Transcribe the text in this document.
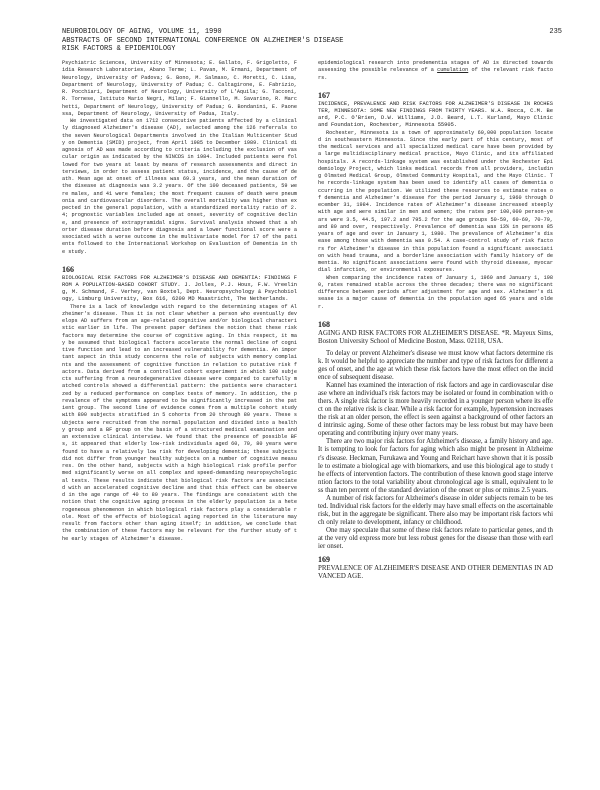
NEUROBIOLOGY OF AGING, VOLUME 11, 1990
ABSTRACTS OF SECOND INTERNATIONAL CONFERENCE ON ALZHEIMER'S DISEASE
RISK FACTORS & EPIDEMIOLOGY
235

Psychiatric Sciences, University of Minnesota; E. Gallato, F. Grigoletto, Fidia Research Laboratories, Abano Terme; L. Pavan, M. Ermani, Department of Neurology, University of Padova; G. Bono, M. Salmaso, C. Moretti, C. Lisa, Department of Neurology, University of Padua; C. Caltagirone, E. Fabrizio, R. Pocchiari, Department of Neurology, University of L'Aquila; G. Tacconi, R. Tornese, Istituto Mario Negri, Milan; F. Giannello, M. Savarino, R. Marchetti, Department of Neurology, University of Padua; G. Bondanini, E. Paonessa, Department of Neurology, University of Padua, Italy.

We investigated data on 1712 consecutive patients affected by a clinically diagnosed Alzheimer's disease (AD), selected among the 126 referrals to the seven Neurological Departments involved in the Italian Multicenter Study on Dementia (SMID) project, from April 1985 to December 1989. Clinical diagnosis of AD was made according to criteria including the exclusion of vascular origin as indicated by the NINCDS in 1984. Included patients were followed for two years at least by means of research assessments and direct interviews, in order to assess patient status, incidence, and the cause of death. Mean age at onset of illness was 69.3 years, and the mean duration of the disease at diagnosis was 3.2 years. Of the 100 deceased patients, 59 were males, and 41 were females; the most frequent causes of death were pneumonia and cardiovascular disorders. The overall mortality was higher than expected in the general population, with a standardized mortality ratio of 2.4; prognostic variables included age at onset, severity of cognitive decline, and presence of extrapyramidal signs. Survival analysis showed that a shorter disease duration before diagnosis and a lower functional score were associated with a worse outcome in the multivariate model for 17 of the patients followed to the International Workshop on Evaluation of Dementia in the study.

166

BIOLOGICAL RISK FACTORS FOR ALZHEIMER'S DISEASE AND DEMENTIA: FINDINGS FROM A POPULATION-BASED COHORT STUDY. J. Jolles, P.J. Houx, F.W. Vreeling, M. Schmand, F. Verhey, van Boxtel, Dept. Neuropsychology & Psychobiology, Limburg University, Box 616, 6200 MD Maastricht, The Netherlands.

There is a lack of knowledge with regard to the determining stages of Alzheimer's disease. Thus it is not clear whether a person who eventually develops AD suffers from an age-related cognitive and/or biological characteristic earlier in life. The present paper defines the notion that these risk factors may determine the course of cognitive aging. In this respect, it may be assumed that biological factors accelerate the normal decline of cognitive function and lead to an increased vulnerability for dementia. An important aspect in this study concerns the role of subjects with memory complaints and the assessment of cognitive function in relation to putative risk factors. Data derived from a controlled cohort experiment in which 100 subjects suffering from a neurodegenerative disease were compared to carefully matched controls showed a differential pattern: the patients were characterized by a reduced performance on complex tests of memory. In addition, the prevalence of the symptoms appeared to be significantly increased in the patient group. The second line of evidence comes from a multiple cohort study with 800 subjects stratified in 5 cohorts from 20 through 80 years. These subjects were recruited from the normal population and divided into a healthy group and a BF group on the basis of a structured medical examination and an extensive clinical interview. We found that the presence of possible BFs, it appeared that elderly low-risk individuals aged 60, 70, 80 years were found to have a relatively low risk for developing dementia; these subjects did not differ from younger healthy subjects on a number of cognitive measures. On the other hand, subjects with a high biological risk profile performed significantly worse on all complex and speed-demanding neuropsychological tests. These results indicate that biological risk factors are associated with an accelerated cognitive decline and that this effect can be observed in the age range of 40 to 80 years. The findings are consistent with the notion that the cognitive aging process in the elderly population is a heterogeneous phenomenon in which biological risk factors play a considerable role. Most of the effects of biological aging reported in the literature may result from factors other than aging itself; in addition, we conclude that the combination of these factors may be relevant for the further study of the early stages of Alzheimer's disease.

epidemiological research into predementia stages of AD is directed towards assessing the possible relevance of a cumulation of the relevant risk factors.

167

INCIDENCE, PREVALENCE AND RISK FACTORS FOR ALZHEIMER'S DISEASE IN ROCHESTER, MINNESOTA: SOME NEW FINDINGS FROM THIRTY YEARS. W.A. Rocca, C.M. Beard, P.C. O'Brien, D.W. Williams, J.D. Beard, L.T. Kurland, Mayo Clinic and Foundation, Rochester, Minnesota 55905.

Rochester, Minnesota is a town of approximately 60,000 population located in southeastern Minnesota. Since the early part of this century, most of the medical services and all specialized medical care have been provided by a large multidisciplinary medical practice, Mayo Clinic, and its affiliated hospitals. A records-linkage system was established under the Rochester Epidemiology Project, which links medical records from all providers, including Olmsted Medical Group, Olmsted Community Hospital, and the Mayo Clinic. The records-linkage system has been used to identify all cases of dementia occurring in the population. We utilized these resources to estimate rates of dementia and Alzheimer's disease for the period January 1, 1960 through December 31, 1984. Incidence rates of Alzheimer's disease increased steeply with age and were similar in men and women; the rates per 100,000 person-years were 3.5, 44.5, 197.2 and 795.2 for the age groups 50-59, 60-69, 70-79, and 80 and over, respectively. Prevalence of dementia was 13% in persons 85 years of age and over in January 1, 1980. The prevalence of Alzheimer's disease among those with dementia was 0.54. A case-control study of risk factors for Alzheimer's disease in this population found a significant association with head trauma, and a borderline association with family history of dementia. No significant associations were found with thyroid disease, myocardial infarction, or environmental exposures.

When comparing the incidence rates of January 1, 1960 and January 1, 1980, rates remained stable across the three decades; there was no significant difference between periods after adjustment for age and sex. Alzheimer's disease is a major cause of dementia in the population aged 65 years and older.

168

AGING AND RISK FACTORS FOR ALZHEIMER'S DISEASE. *R. Mayeux Sims, Boston University School of Medicine Boston, Mass. 02118, USA.

To delay or prevent Alzheimer's disease we must know what factors determine risk. It would be helpful to appreciate the number and type of risk factors for different ages of onset, and the age at which these risk factors have the most effect on the incidence of subsequent disease.

Kannel has examined the interaction of risk factors and age in cardiovascular disease where an individual's risk factors may be isolated or found in combination with others. A single risk factor is more heavily recorded in a younger person where its effect on the relative risk is clear. While a risk factor for example, hypertension increases the risk at an older person, the effect is seen against a background of other factors and intrinsic aging. Some of these other factors may be less robust but may have been operating and contributing injury over many years.

There are two major risk factors for Alzheimer's disease, a family history and age. It is tempting to look for factors for aging which also might be present in Alzheimer's disease. Heckman, Furukawa and Young and Reichart have shown that it is possible to estimate a biological age with biomarkers, and use this biological age to study the effects of intervention factors. The contribution of these known good stage intervention factors to the total variability about chronological age is small, equivalent to less than ten percent of the standard deviation of the onset or plus or minus 2.5 years.

A number of risk factors for Alzheimer's disease in older subjects remain to be tested. Individual risk factors for the elderly may have small effects on the ascertainable risk, but in the aggregate be significant. There also may be important risk factors which only relate to development, infancy or childhood.

One may speculate that some of these risk factors relate to particular genes, and that the very old express more but less robust genes for the disease than those with earlier onset.

169

PREVALENCE OF ALZHEIMER'S DISEASE AND OTHER DEMENTIAS IN ADVANCED AGE.
